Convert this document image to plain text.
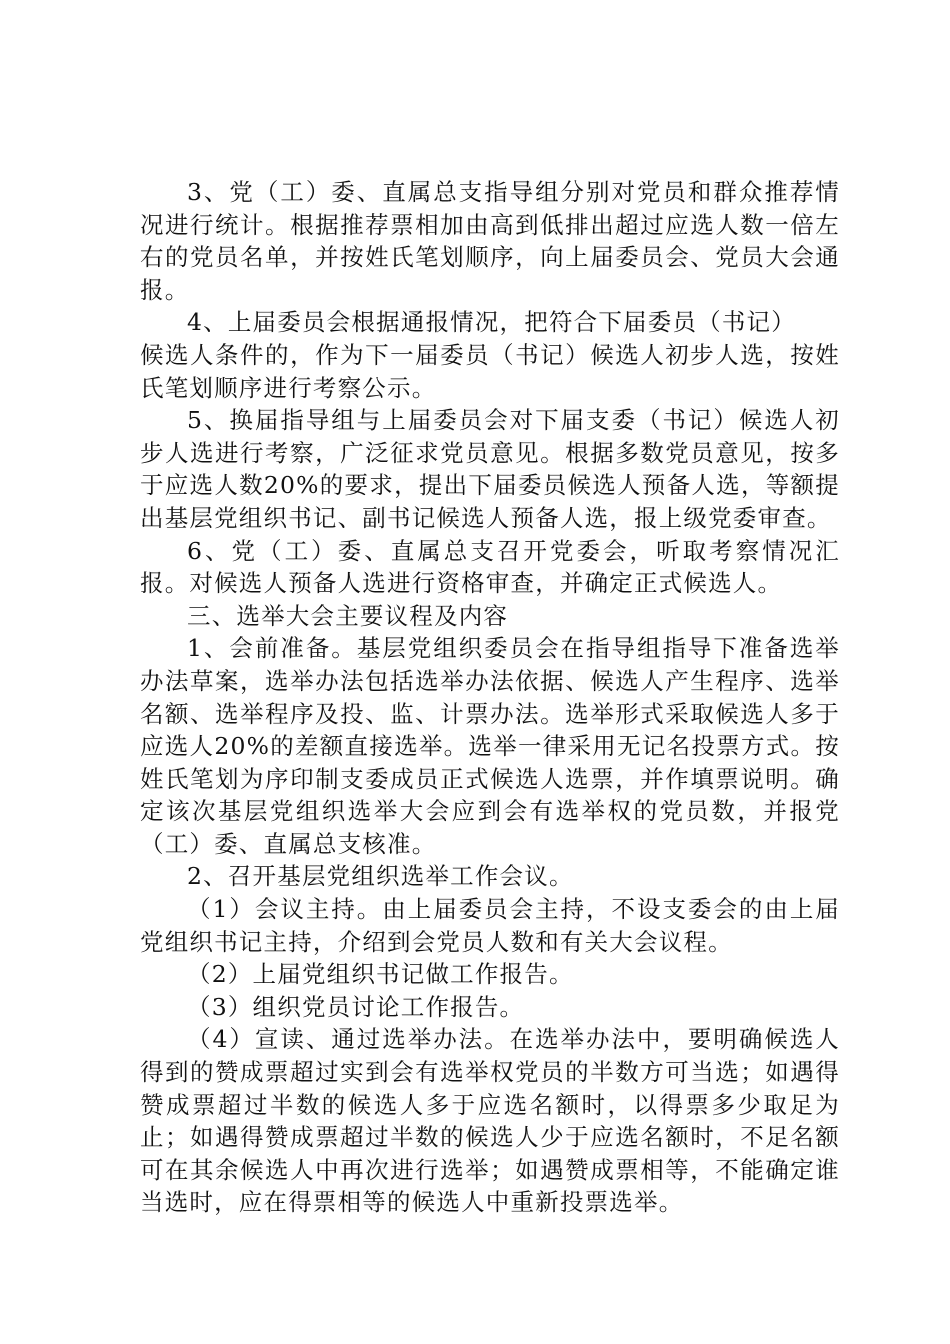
3、党（工）委、直属总支指导组分别对党员和群众推荐情况进行统计。根据推荐票相加由高到低排出超过应选人数一倍左右的党员名单，并按姓氏笔划顺序，向上届委员会、党员大会通报。

4、上届委员会根据通报情况，把符合下届委员（书记）

候选人条件的，作为下一届委员（书记）候选人初步人选，按姓氏笔划顺序进行考察公示。

5、换届指导组与上届委员会对下届支委（书记）候选人初步人选进行考察，广泛征求党员意见。根据多数党员意见，按多于应选人数20%的要求，提出下届委员候选人预备人选，等额提出基层党组织书记、副书记候选人预备人选，报上级党委审查。

6、党（工）委、直属总支召开党委会，听取考察情况汇报。对候选人预备人选进行资格审查，并确定正式候选人。

三、选举大会主要议程及内容

1、会前准备。基层党组织委员会在指导组指导下准备选举办法草案，选举办法包括选举办法依据、候选人产生程序、选举名额、选举程序及投、监、计票办法。选举形式采取候选人多于应选人20%的差额直接选举。选举一律采用无记名投票方式。按姓氏笔划为序印制支委成员正式候选人选票，并作填票说明。确定该次基层党组织选举大会应到会有选举权的党员数，并报党（工）委、直属总支核准。

2、召开基层党组织选举工作会议。

（1）会议主持。由上届委员会主持，不设支委会的由上届党组织书记主持，介绍到会党员人数和有关大会议程。

（2）上届党组织书记做工作报告。

（3）组织党员讨论工作报告。

（4）宣读、通过选举办法。在选举办法中，要明确候选人得到的赞成票超过实到会有选举权党员的半数方可当选；如遇得赞成票超过半数的候选人多于应选名额时，以得票多少取足为止；如遇得赞成票超过半数的候选人少于应选名额时，不足名额可在其余候选人中再次进行选举；如遇赞成票相等，不能确定谁当选时，应在得票相等的候选人中重新投票选举。
